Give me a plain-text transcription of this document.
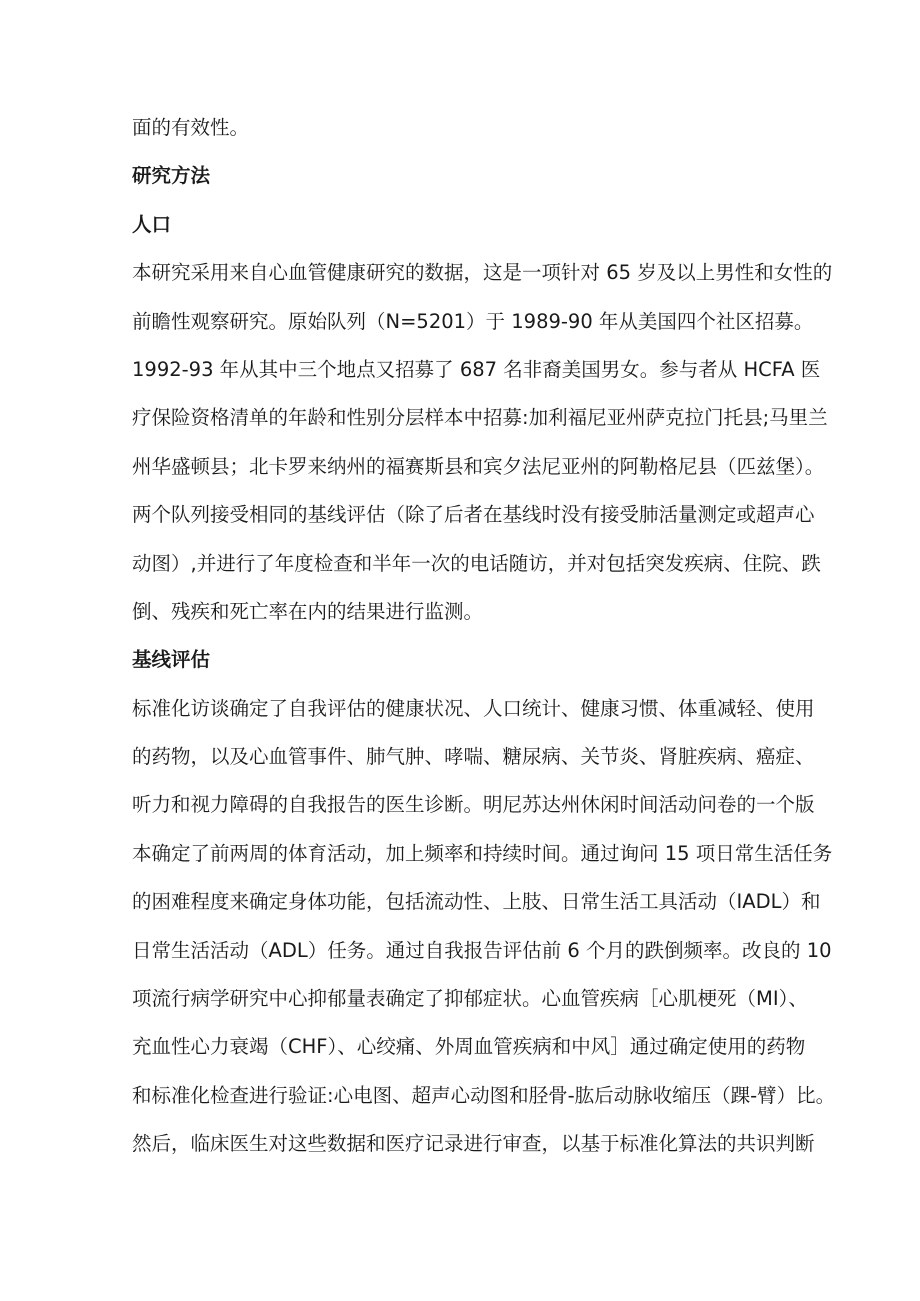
面的有效性。
研究方法
人口
本研究采用来自心血管健康研究的数据，这是一项针对 65 岁及以上男性和女性的
前瞻性观察研究。原始队列（N=5201）于 1989-90 年从美国四个社区招募。
1992-93 年从其中三个地点又招募了 687 名非裔美国男女。参与者从 HCFA 医
疗保险资格清单的年龄和性别分层样本中招募:加利福尼亚州萨克拉门托县;马里兰
州华盛顿县；北卡罗来纳州的福赛斯县和宾夕法尼亚州的阿勒格尼县（匹兹堡）。
两个队列接受相同的基线评估（除了后者在基线时没有接受肺活量测定或超声心
动图）,并进行了年度检查和半年一次的电话随访，并对包括突发疾病、住院、跌
倒、残疾和死亡率在内的结果进行监测。
基线评估
标准化访谈确定了自我评估的健康状况、人口统计、健康习惯、体重减轻、使用
的药物，以及心血管事件、肺气肿、哮喘、糖尿病、关节炎、肾脏疾病、癌症、
听力和视力障碍的自我报告的医生诊断。明尼苏达州休闲时间活动问卷的一个版
本确定了前两周的体育活动，加上频率和持续时间。通过询问 15 项日常生活任务
的困难程度来确定身体功能，包括流动性、上肢、日常生活工具活动（IADL）和
日常生活活动（ADL）任务。通过自我报告评估前 6 个月的跌倒频率。改良的 10
项流行病学研究中心抑郁量表确定了抑郁症状。心血管疾病［心肌梗死（MI）、
充血性心力衰竭（CHF）、心绞痛、外周血管疾病和中风］通过确定使用的药物
和标准化检查进行验证:心电图、超声心动图和胫骨-肱后动脉收缩压（踝-臂）比。
然后，临床医生对这些数据和医疗记录进行审查，以基于标准化算法的共识判断
